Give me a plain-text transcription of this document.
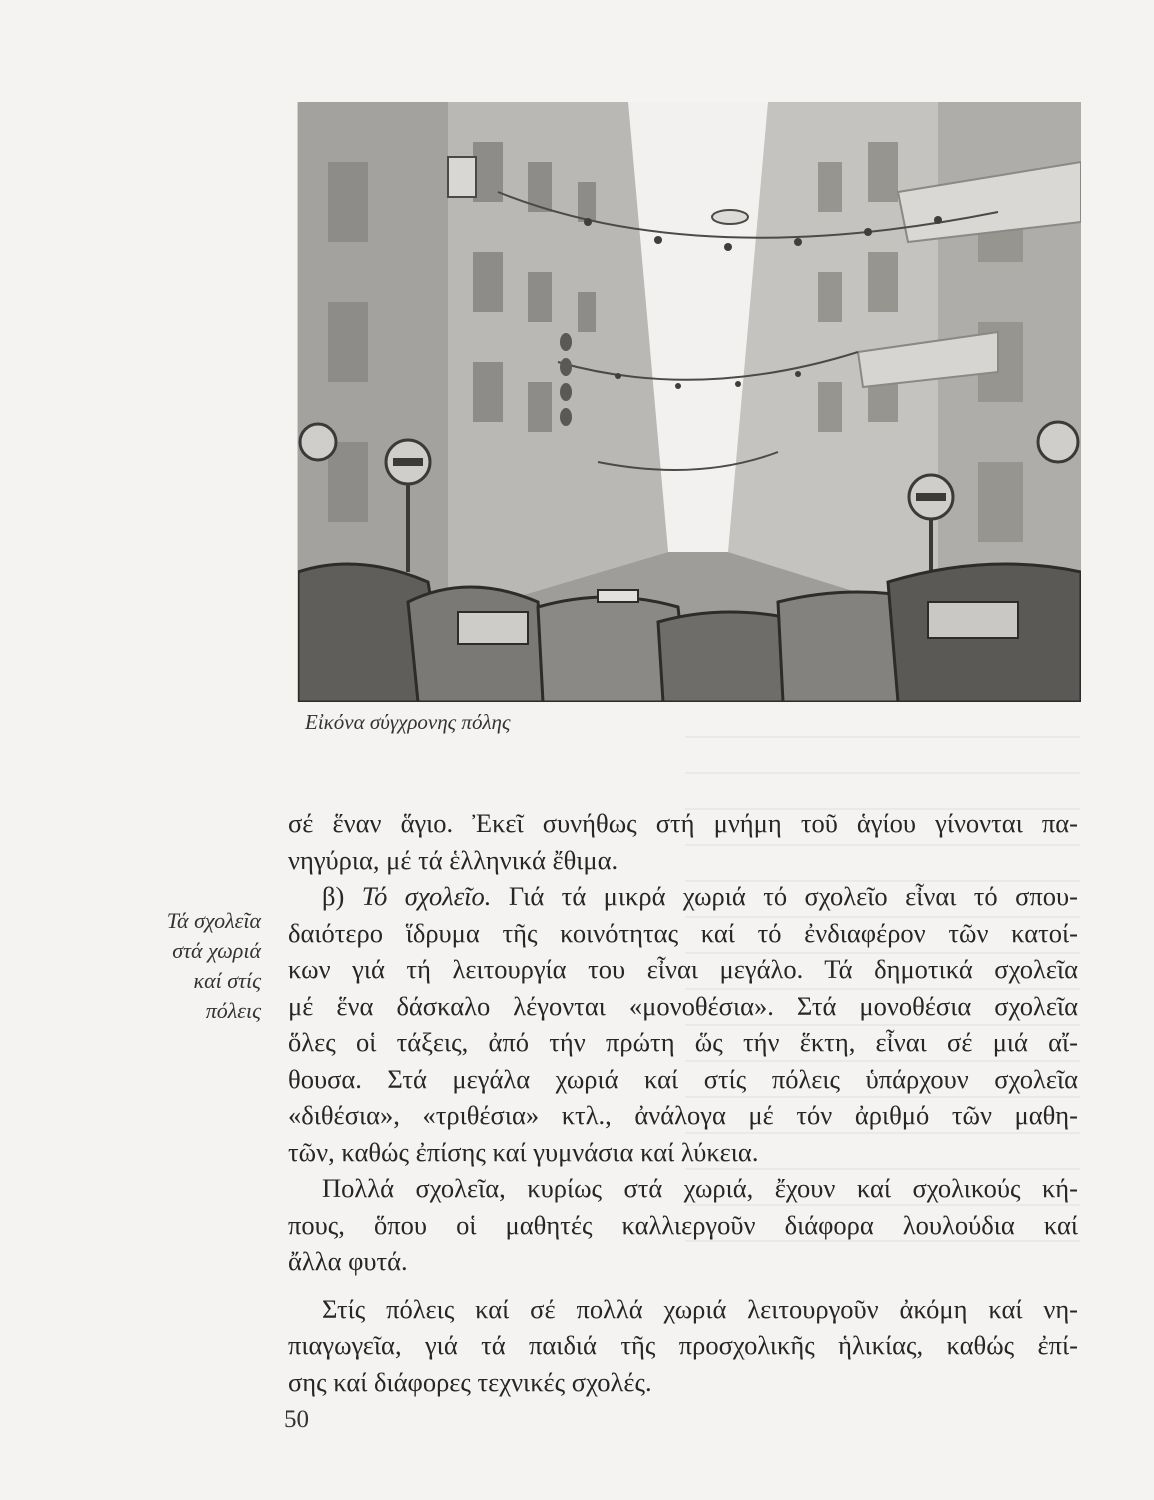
Εἰκόνα σύγχρονης πόλης
Τά σχολεῖα
στά χωριά
καί στίς
πόλεις
σέ ἕναν ἅγιο. Ἐκεῖ συνήθως στή μνήμη τοῦ ἁγίου γίνονται πα-
νηγύρια, μέ τά ἑλληνικά ἔθιμα.
β) Τό σχολεῖο. Γιά τά μικρά χωριά τό σχολεῖο εἶναι τό σπου-
δαιότερο ἵδρυμα τῆς κοινότητας καί τό ἐνδιαφέρον τῶν κατοί-
κων γιά τή λειτουργία του εἶναι μεγάλο. Τά δημοτικά σχολεῖα
μέ ἕνα δάσκαλο λέγονται «μονοθέσια». Στά μονοθέσια σχολεῖα
ὅλες οἱ τάξεις, ἀπό τήν πρώτη ὥς τήν ἕκτη, εἶναι σέ μιά αἴ-
θουσα. Στά μεγάλα χωριά καί στίς πόλεις ὑπάρχουν σχολεῖα
«διθέσια», «τριθέσια» κτλ., ἀνάλογα μέ τόν ἀριθμό τῶν μαθη-
τῶν, καθώς ἐπίσης καί γυμνάσια καί λύκεια.
Πολλά σχολεῖα, κυρίως στά χωριά, ἔχουν καί σχολικούς κή-
πους, ὅπου οἱ μαθητές καλλιεργοῦν διάφορα λουλούδια καί
ἄλλα φυτά.
Στίς πόλεις καί σέ πολλά χωριά λειτουργοῦν ἀκόμη καί νη-
πιαγωγεῖα, γιά τά παιδιά τῆς προσχολικῆς ἡλικίας, καθώς ἐπί-
σης καί διάφορες τεχνικές σχολές.
50
